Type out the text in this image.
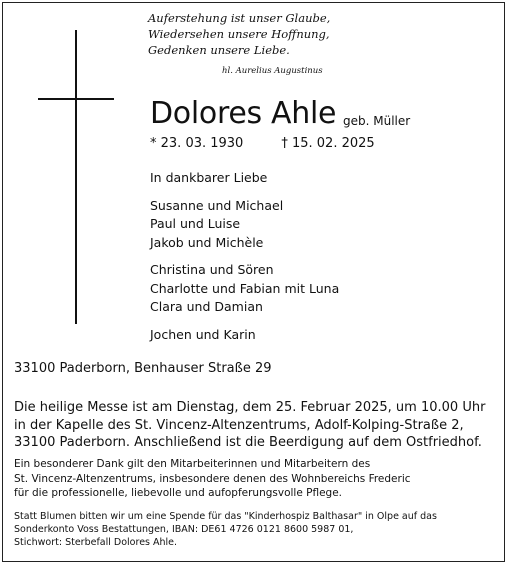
Auferstehung ist unser Glaube,
Wiedersehen unsere Hoffnung,
Gedenken unsere Liebe.
hl. Aurelius Augustinus
Dolores Ahle geb. Müller
* 23. 03. 1930	† 15. 02. 2025
In dankbarer Liebe
Susanne und Michael
Paul und Luise
Jakob und Michèle
Christina und Sören
Charlotte und Fabian mit Luna
Clara und Damian
Jochen und Karin
33100 Paderborn, Benhauser Straße 29
Die heilige Messe ist am Dienstag, dem 25. Februar 2025, um 10.00 Uhr
in der Kapelle des St. Vincenz-Altenzentrums, Adolf-Kolping-Straße 2,
33100 Paderborn. Anschließend ist die Beerdigung auf dem Ostfriedhof.
Ein besonderer Dank gilt den Mitarbeiterinnen und Mitarbeitern des
St. Vincenz-Altenzentrums, insbesondere denen des Wohnbereichs Frederic
für die professionelle, liebevolle und aufopferungsvolle Pflege.
Statt Blumen bitten wir um eine Spende für das "Kinderhospiz Balthasar" in Olpe auf das
Sonderkonto Voss Bestattungen, IBAN: DE61 4726 0121 8600 5987 01,
Stichwort: Sterbefall Dolores Ahle.
